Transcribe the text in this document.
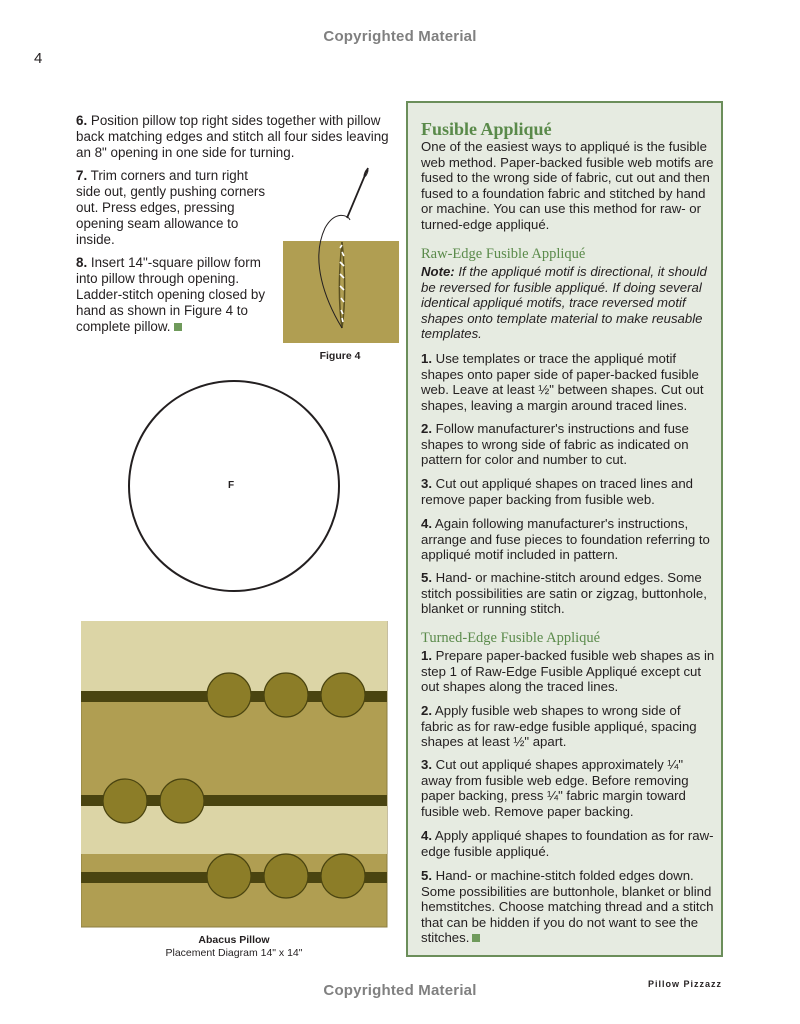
Copyrighted Material
4

6. Position pillow top right sides together with pillow back matching edges and stitch all four sides leaving an 8" opening in one side for turning.

7. Trim corners and turn right side out, gently pushing corners out. Press edges, pressing opening seam allowance to inside.

8. Insert 14"-square pillow form into pillow through opening. Ladder-stitch opening closed by hand as shown in Figure 4 to complete pillow.

Figure 4
F
Abacus Pillow
Placement Diagram 14" x 14"
Fusible Appliqué

One of the easiest ways to appliqué is the fusible web method. Paper-backed fusible web motifs are fused to the wrong side of fabric, cut out and then fused to a foundation fabric and stitched by hand or machine. You can use this method for raw- or turned-edge appliqué.

Raw-Edge Fusible Appliqué

Note: If the appliqué motif is directional, it should be reversed for fusible appliqué. If doing several identical appliqué motifs, trace reversed motif shapes onto template material to make reusable templates.

1. Use templates or trace the appliqué motif shapes onto paper side of paper-backed fusible web. Leave at least ½" between shapes. Cut out shapes, leaving a margin around traced lines.

2. Follow manufacturer's instructions and fuse shapes to wrong side of fabric as indicated on pattern for color and number to cut.

3. Cut out appliqué shapes on traced lines and remove paper backing from fusible web.

4. Again following manufacturer's instructions, arrange and fuse pieces to foundation referring to appliqué motif included in pattern.

5. Hand- or machine-stitch around edges. Some stitch possibilities are satin or zigzag, buttonhole, blanket or running stitch.

Turned-Edge Fusible Appliqué

1. Prepare paper-backed fusible web shapes as in step 1 of Raw-Edge Fusible Appliqué except cut out shapes along the traced lines.

2. Apply fusible web shapes to wrong side of fabric as for raw-edge fusible appliqué, spacing shapes at least ½" apart.

3. Cut out appliqué shapes approximately ¼" away from fusible web edge. Before removing paper backing, press ¼" fabric margin toward fusible web. Remove paper backing.

4. Apply appliqué shapes to foundation as for raw-edge fusible appliqué.

5. Hand- or machine-stitch folded edges down. Some possibilities are buttonhole, blanket or blind hemstitches. Choose matching thread and a stitch that can be hidden if you do not want to see the stitches.

Copyrighted Material	Pillow Pizzazz
